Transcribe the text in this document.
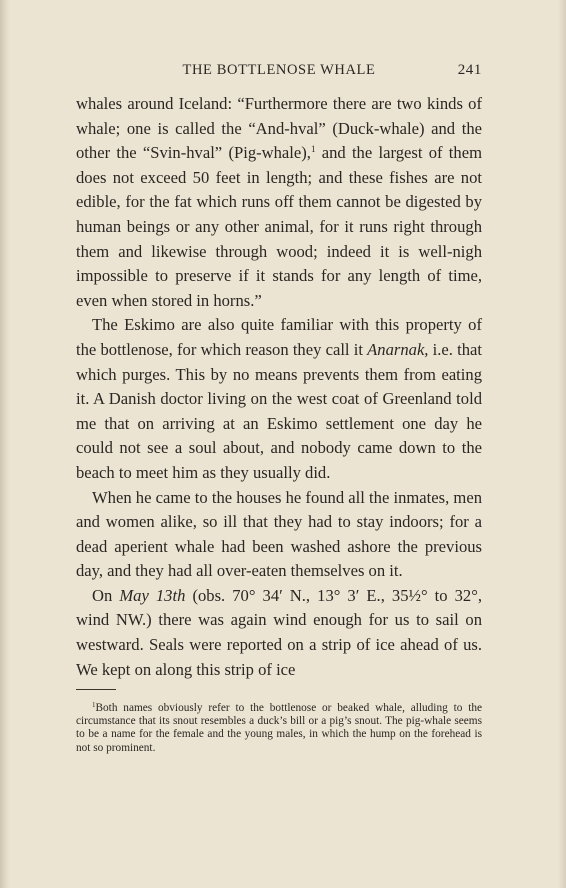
THE BOTTLENOSE WHALE	241

whales around Iceland: “Furthermore there are two kinds of whale; one is called the “And-hval” (Duck-whale) and the other the “Svin-hval” (Pig-whale),$^1$ and the largest of them does not exceed 50 feet in length; and these fishes are not edible, for the fat which runs off them cannot be digested by human beings or any other animal, for it runs right through them and likewise through wood; indeed it is well-nigh impossible to preserve if it stands for any length of time, even when stored in horns.”

The Eskimo are also quite familiar with this property of the bottlenose, for which reason they call it Anarnak, i.e. that which purges. This by no means prevents them from eating it. A Danish doctor living on the west coat of Greenland told me that on arriving at an Eskimo settlement one day he could not see a soul about, and nobody came down to the beach to meet him as they usually did.

When he came to the houses he found all the inmates, men and women alike, so ill that they had to stay indoors; for a dead aperient whale had been washed ashore the previous day, and they had all over-eaten themselves on it.

On May 13th (obs. 70° 34′ N., 13° 3′ E., 35½° to 32°, wind NW.) there was again wind enough for us to sail on westward. Seals were reported on a strip of ice ahead of us. We kept on along this strip of ice

$^1$Both names obviously refer to the bottlenose or beaked whale, alluding to the circumstance that its snout resembles a duck’s bill or a pig’s snout. The pig-whale seems to be a name for the female and the young males, in which the hump on the forehead is not so prominent.
